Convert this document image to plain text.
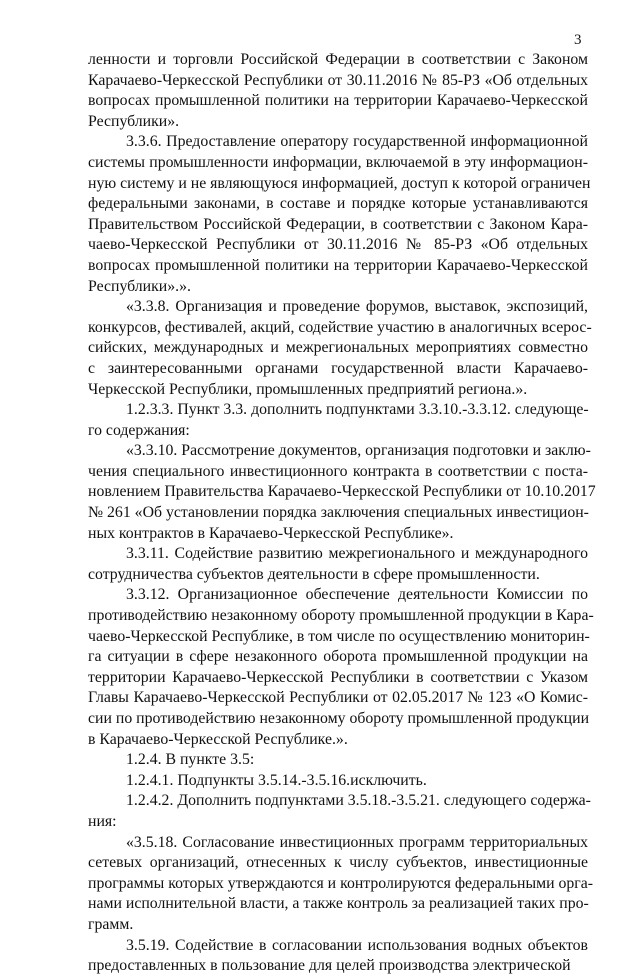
3
ленности и торговли Российской Федерации в соответствии с Законом
Карачаево-Черкесской Республики от 30.11.2016 № 85-РЗ «Об отдельных
вопросах промышленной политики на территории Карачаево-Черкесской
Республики».
3.3.6. Предоставление оператору государственной информационной
системы промышленности информации, включаемой в эту информацион-
ную систему и не являющуюся информацией, доступ к которой ограничен
федеральными законами, в составе и порядке которые устанавливаются
Правительством Российской Федерации, в соответствии с Законом Кара-
чаево-Черкесской Республики от 30.11.2016 № 85-РЗ «Об отдельных
вопросах промышленной политики на территории Карачаево-Черкесской
Республики».».
«3.3.8. Организация и проведение форумов, выставок, экспозиций,
конкурсов, фестивалей, акций, содействие участию в аналогичных всерос-
сийских, международных и межрегиональных мероприятиях совместно
с заинтересованными органами государственной власти Карачаево-
Черкесской Республики, промышленных предприятий региона.».
1.2.3.3. Пункт 3.3. дополнить подпунктами 3.3.10.-3.3.12. следующе-
го содержания:
«3.3.10. Рассмотрение документов, организация подготовки и заклю-
чения специального инвестиционного контракта в соответствии с поста-
новлением Правительства Карачаево-Черкесской Республики от 10.10.2017
№ 261 «Об установлении порядка заключения специальных инвестицион-
ных контрактов в Карачаево-Черкесской Республике».
3.3.11. Содействие развитию межрегионального и международного
сотрудничества субъектов деятельности в сфере промышленности.
3.3.12. Организационное обеспечение деятельности Комиссии по
противодействию незаконному обороту промышленной продукции в Кара-
чаево-Черкесской Республике, в том числе по осуществлению мониторин-
га ситуации в сфере незаконного оборота промышленной продукции на
территории Карачаево-Черкесской Республики в соответствии с Указом
Главы Карачаево-Черкесской Республики от 02.05.2017 № 123 «О Комис-
сии по противодействию незаконному обороту промышленной продукции
в Карачаево-Черкесской Республике.».
1.2.4. В пункте 3.5:
1.2.4.1. Подпункты 3.5.14.-3.5.16.исключить.
1.2.4.2. Дополнить подпунктами 3.5.18.-3.5.21. следующего содержа-
ния:
«3.5.18. Согласование инвестиционных программ территориальных
сетевых организаций, отнесенных к числу субъектов, инвестиционные
программы которых утверждаются и контролируются федеральными орга-
нами исполнительной власти, а также контроль за реализацией таких про-
грамм.
3.5.19. Содействие в согласовании использования водных объектов
предоставленных в пользование для целей производства электрической
